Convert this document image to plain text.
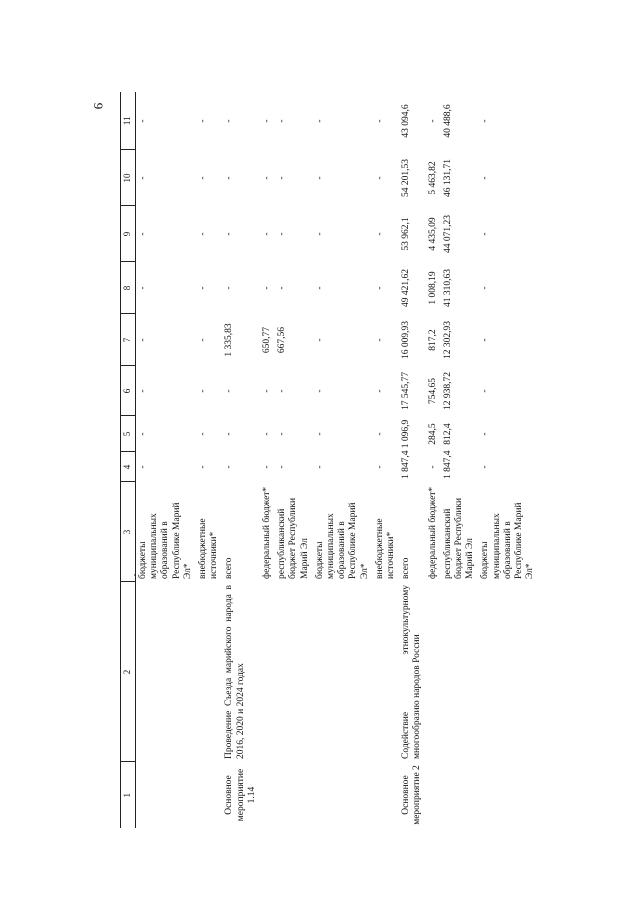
9
1	2	3	4	5	6	7	8	9	10	11
		бюджеты муниципальных образований в Республике Марий Эл*	-	-	-	-	-	-	-	-
		внебюджетные источники*	-	-	-	-	-	-	-	-
Основное мероприятие 1.14	Проведение Съезда марийского народа в 2016, 2020 и 2024 годах	всего	-	-	-	1 335,83	-	-	-	-
		федеральный бюджет*	-	-	-	650,77	-	-	-	-
		республиканский бюджет Республики Марий Эл	-	-	-	667,56	-	-	-	-
		бюджеты муниципальных образований в Республике Марий Эл*	-	-	-	-	-	-	-	-
		внебюджетные источники*	-	-	-	-	-	-	-	-
Основное мероприятие 2	Содействие этнокультурному многообразию народов России	всего	1 847,4	1 096,9	17 545,77	16 009,93	49 421,62	53 962,1	54 201,53	43 094,6
		федеральный бюджет*	-	284,5	754,65	817,2	1 008,19	4 435,09	5 463,82	-
		республиканский бюджет Республики Марий Эл	1 847,4	812,4	12 938,72	12 302,93	41 310,63	44 071,23	46 131,71	40 488,6
		бюджеты муниципальных образований в Республике Марий Эл*	-	-	-	-	-	-	-	-
